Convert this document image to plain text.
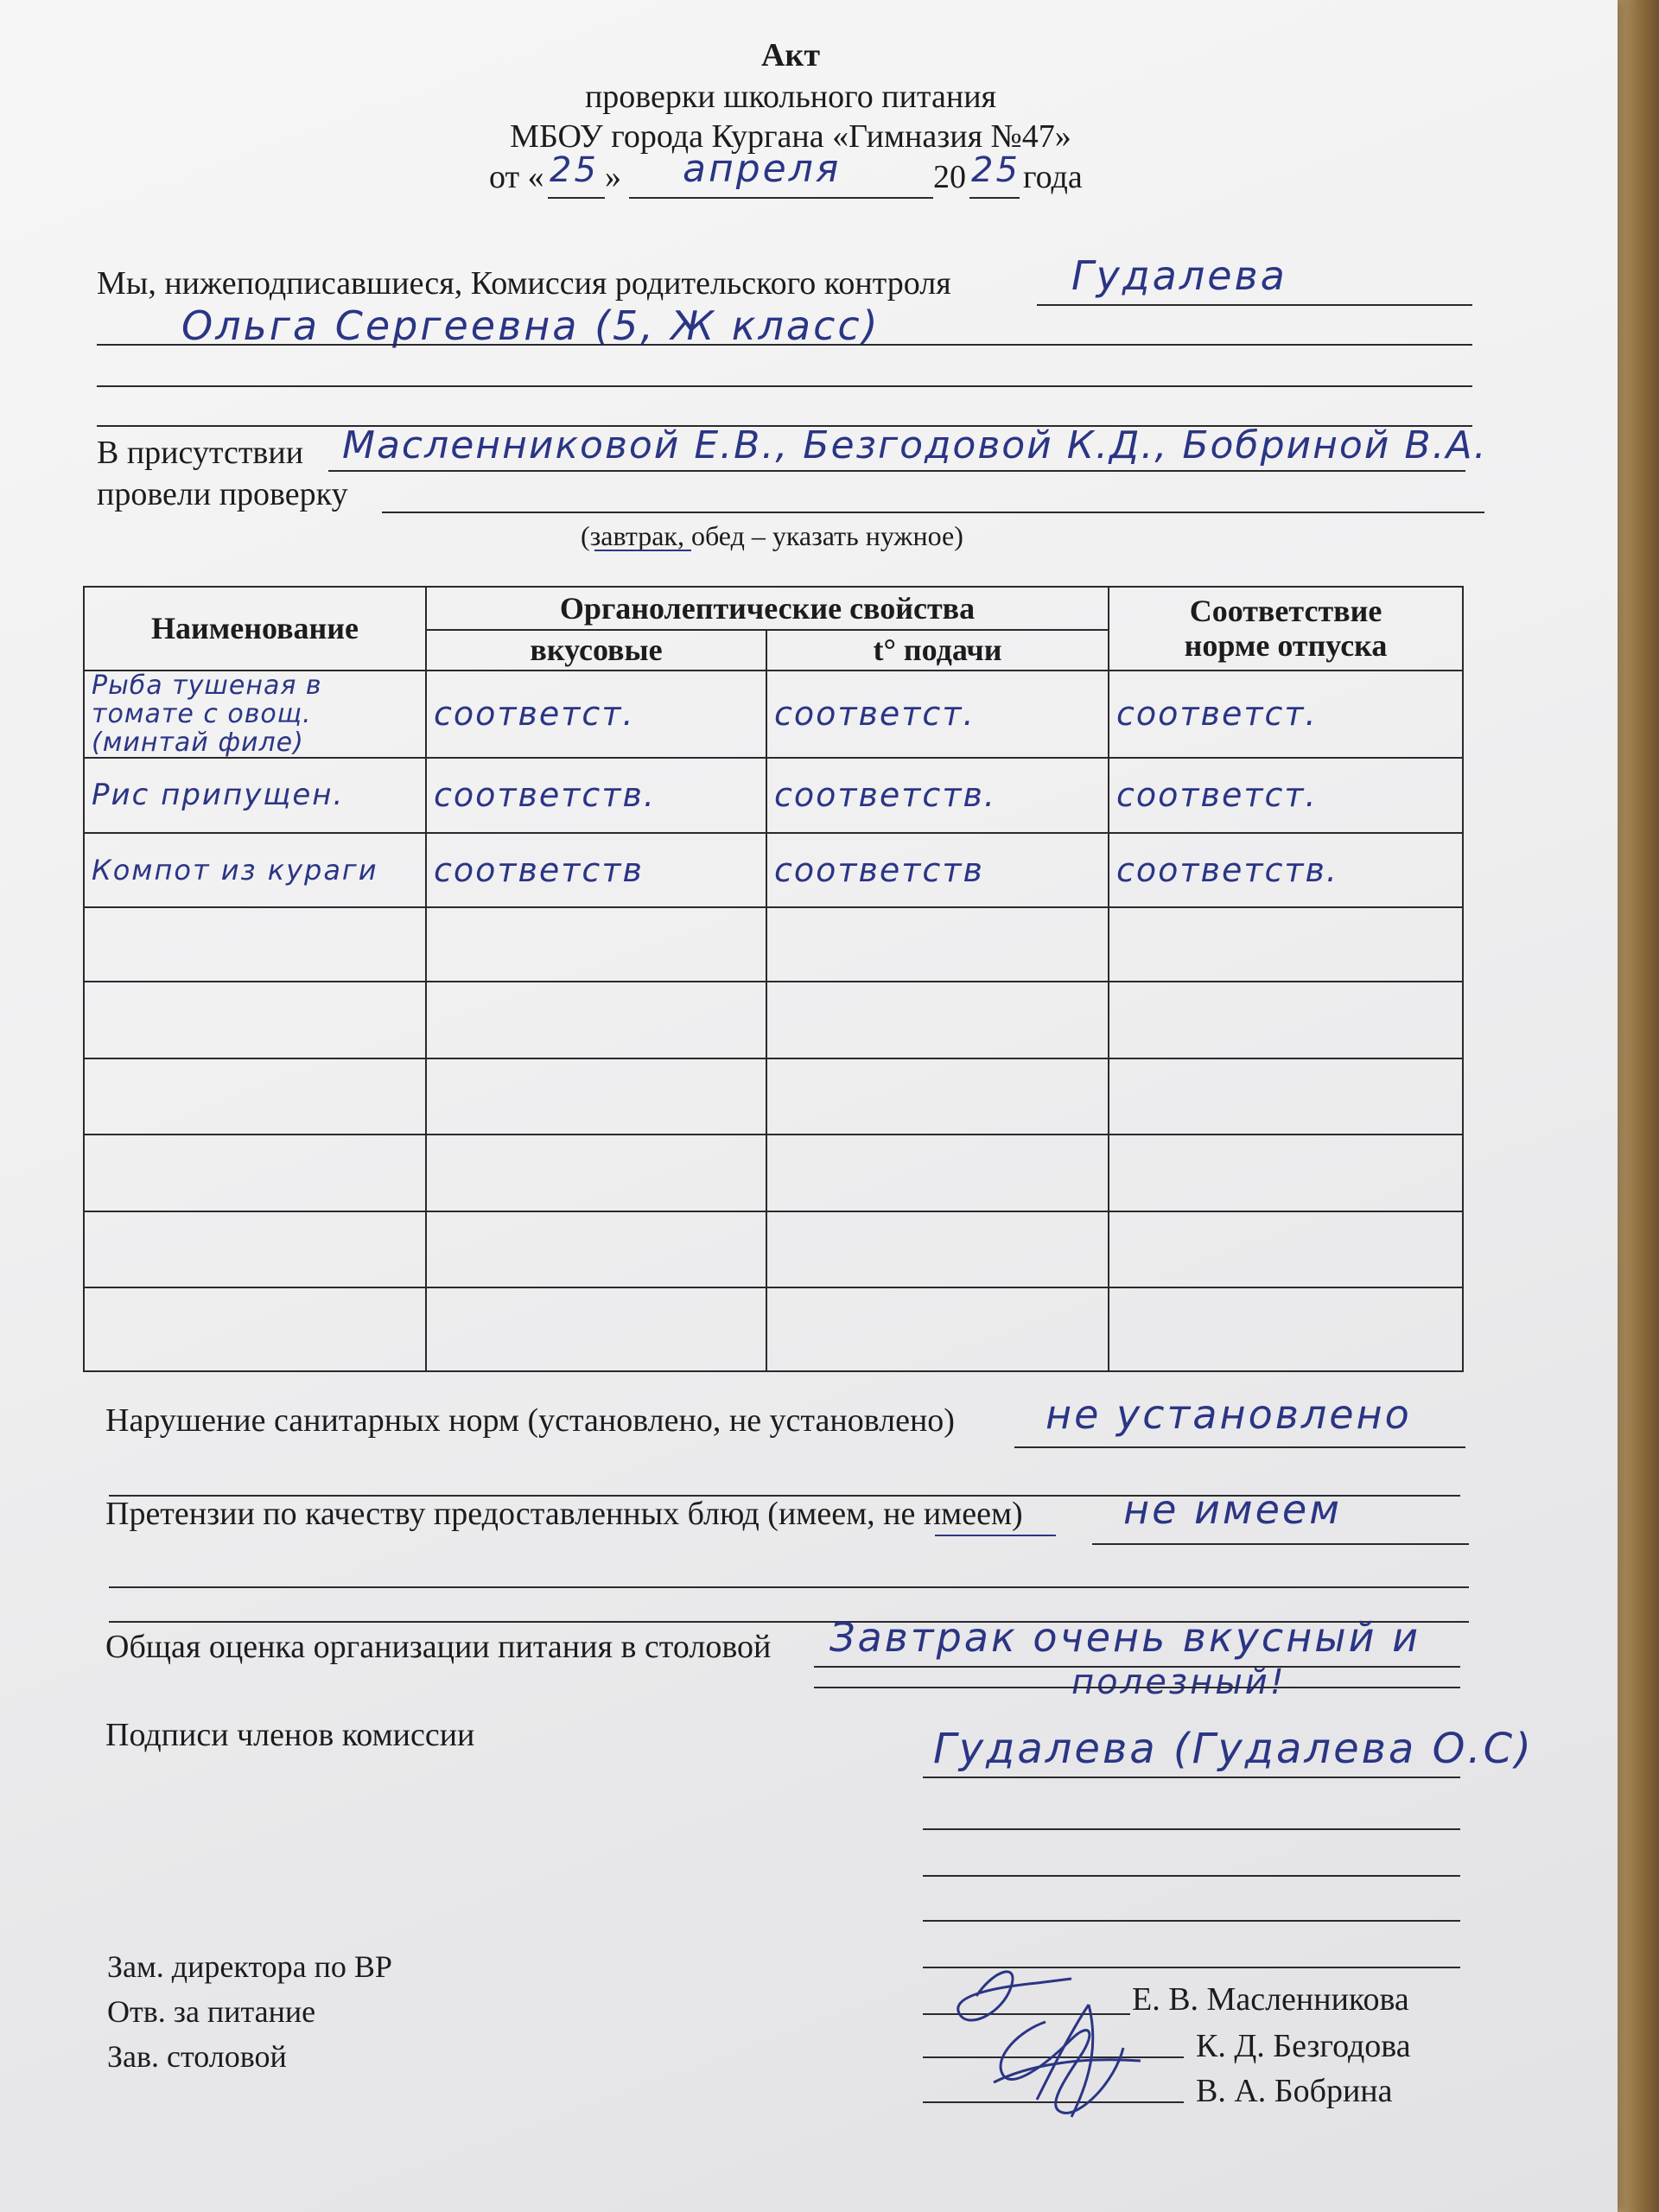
Акт
проверки школьного питания
МБОУ города Кургана «Гимназия №47»
от « 25 » апреля	20 25 года
Мы, нижеподписавшиеся, Комиссия родительского контроля	Гудалева
Ольга Сергеевна (5, Ж класс)
В присутствии Масленниковой Е.В., Безгодовой К.Д., Бобриной В.А.
провели проверку
(завтрак, обед – указать нужное)
Наименование	Органолептические свойства		Соответствие
норме отпуска

	вкусовые	t° подачи	

Рыба тушеная в томате с овощ. (минтай филе)	соответст.	соответст.	соответст.

Рис припущен.	соответств.	соответств.	соответст.

Компот из кураги	соответств	соответств	соответств.

Нарушение санитарных норм (установлено, не установлено) не установлено
Претензии по качеству предоставленных блюд (имеем, не имеем)	не имеем
Общая оценка организации питания в столовой Завтрак очень вкусный и
полезный!
Подписи членов комиссии	Гудалева (Гудалева О.С)
Зам. директора по ВР
Отв. за питание
Зав. столовой
Е. В. Масленникова
К. Д. Безгодова
В. А. Бобрина
